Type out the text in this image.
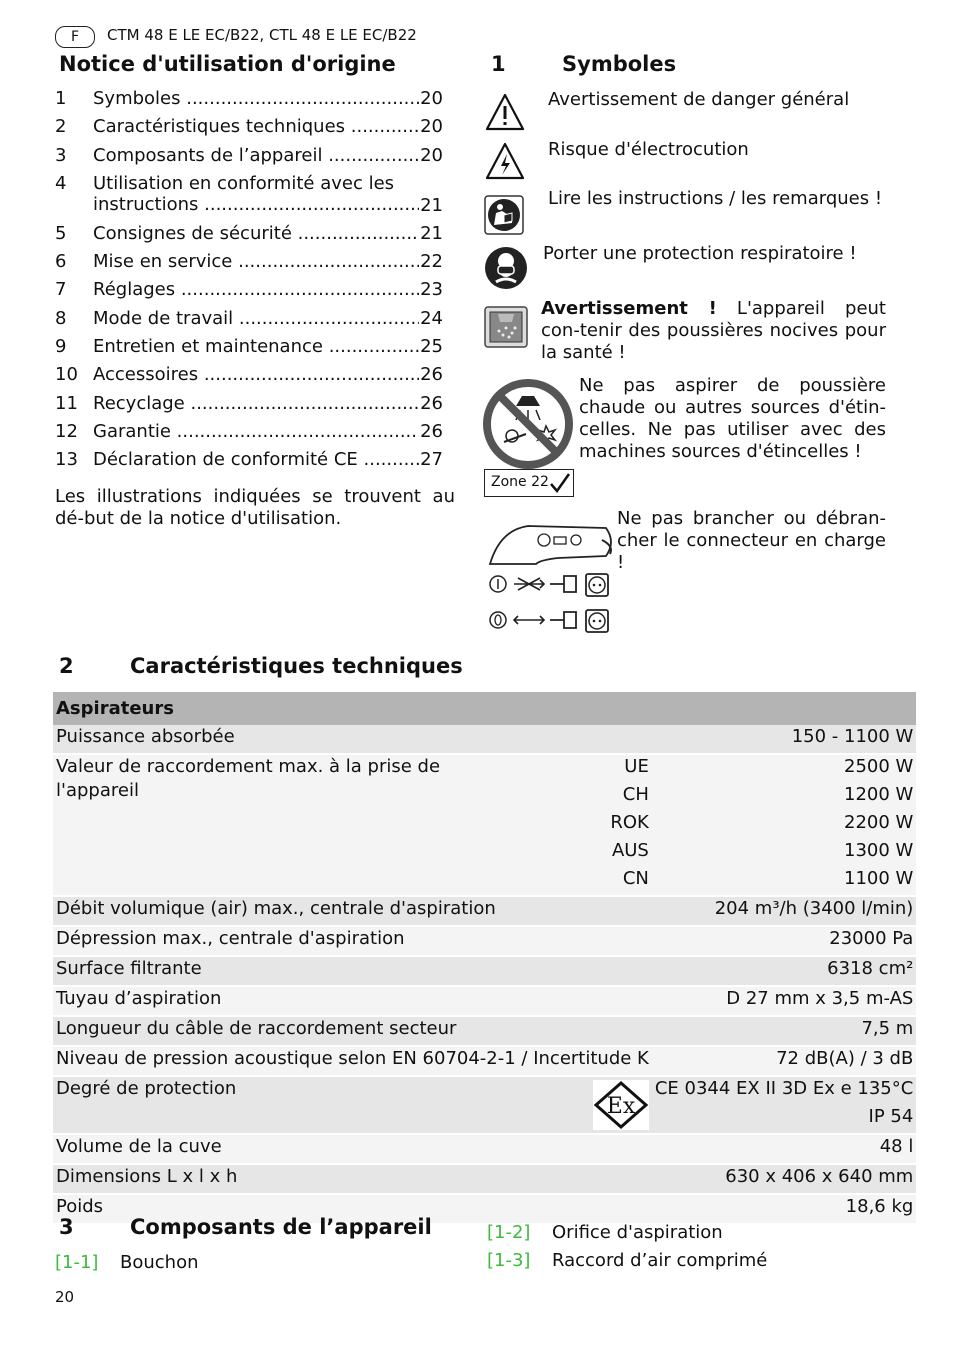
F	CTM 48 E LE EC/B22, CTL 48 E LE EC/B22
Notice d'utilisation d'origine
1	Symboles .....	20
2	Caractéristiques techniques .....	20
3	Composants de l’appareil .....	20
4	Utilisation en conformité avec les
instructions .....	21
5	Consignes de sécurité .....	21
6	Mise en service .....	22
7	Réglages .....	23
8	Mode de travail .....	24
9	Entretien et maintenance .....	25
10 Accessoires .....	26
11 Recyclage .....	26
12 Garantie .....	26
13 Déclaration de conformité CE .....	27
Les illustrations indiquées se trouvent au dé-but de la notice d'utilisation.
1	Symboles
Avertissement de danger général
Risque d'électrocution
Lire les instructions / les remarques !
Porter une protection respiratoire !
Avertissement ! L'appareil peut con-tenir des poussières nocives pour la santé !
Ne pas aspirer de poussière chaude ou autres sources d'étin-celles. Ne pas utiliser avec des machines sources d'étincelles !
Zone 22
Ne pas brancher ou débran-cher le connecteur en charge !
2	Caractéristiques techniques
Aspirateurs		
Puissance absorbée		150 - 1100 W
Valeur de raccordement max. à la prise de l'appareil	UE	2500 W
	CH	1200 W
	ROK	2200 W
	AUS	1300 W
	CN	1100 W
Débit volumique (air) max., centrale d'aspiration		204 m³/h (3400 l/min)
Dépression max., centrale d'aspiration		23000 Pa
Surface filtrante		6318 cm²
Tuyau d’aspiration		D 27 mm x 3,5 m-AS
Longueur du câble de raccordement secteur		7,5 m
Niveau de pression acoustique selon EN 60704-2-1 / Incertitude K		72 dB(A) / 3 dB
Degré de protection	Ex	CE 0344 EX II 3D Ex e 135°C
		IP 54
Volume de la cuve		48 l
Dimensions L x l x h		630 x 406 x 640 mm
Poids		18,6 kg
3	Composants de l’appareil
[1-1] Bouchon
[1-2] Orifice d'aspiration
[1-3] Raccord d’air comprimé
20
